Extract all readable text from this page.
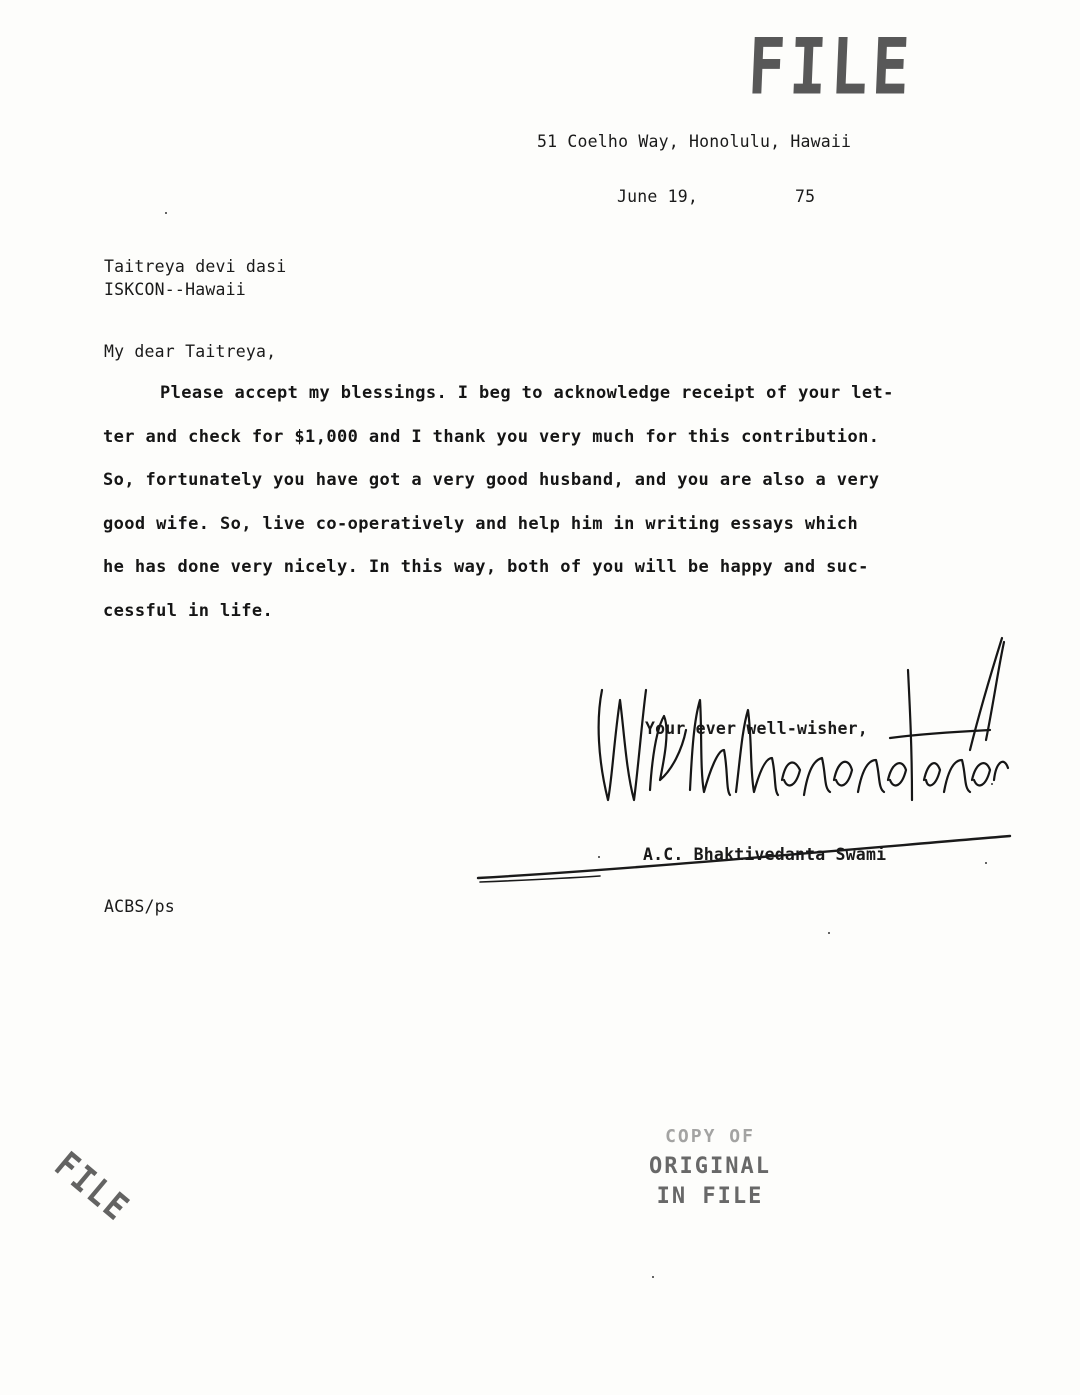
FILE
51 Coelho Way, Honolulu, Hawaii
June 19,	75
Taitreya devi dasi
ISKCON--Hawaii
My dear Taitreya,
Please accept my blessings. I beg to acknowledge receipt of your let-
ter and check for $1,000 and I thank you very much for this contribution.
So, fortunately you have got a very good husband, and you are also a very
good wife. So, live co-operatively and help him in writing essays which
he has done very nicely. In this way, both of you will be happy and suc-
cessful in life.
Your ever well-wisher,
A.C. Bhaktivedanta Swami
ACBS/ps
FILE
COPY OF
ORIGINAL
IN FILE
